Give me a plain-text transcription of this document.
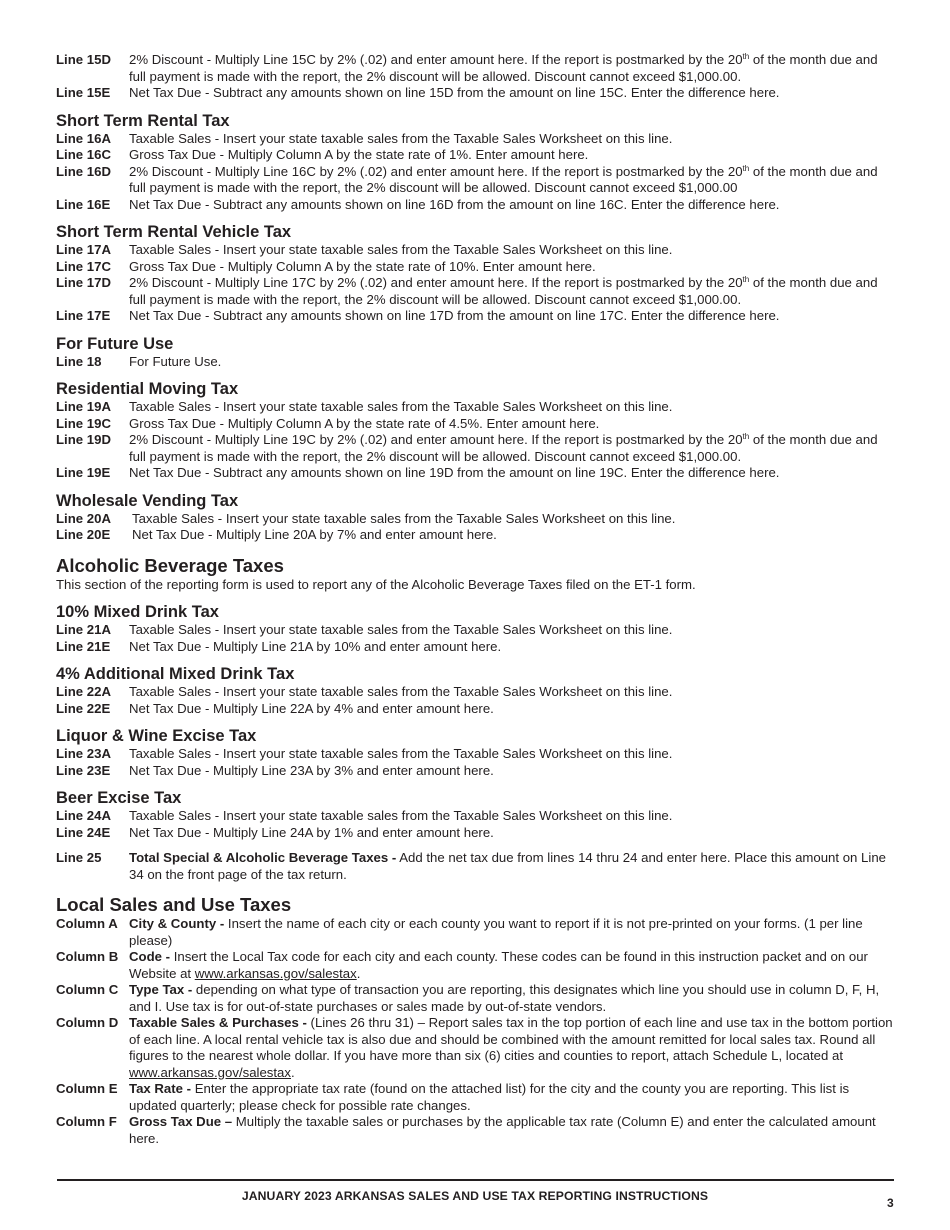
Line 15D	2% Discount - Multiply Line 15C by 2% (.02) and enter amount here. If the report is postmarked by the 20th of the month due and full payment is made with the report, the 2% discount will be allowed. Discount cannot exceed $1,000.00.
Line 15E	Net Tax Due - Subtract any amounts shown on line 15D from the amount on line 15C. Enter the difference here.
Short Term Rental Tax
Line 16A	Taxable Sales - Insert your state taxable sales from the Taxable Sales Worksheet on this line.
Line 16C	Gross Tax Due - Multiply Column A by the state rate of 1%. Enter amount here.
Line 16D	2% Discount - Multiply Line 16C by 2% (.02) and enter amount here. If the report is postmarked by the 20th of the month due and full payment is made with the report, the 2% discount will be allowed. Discount cannot exceed $1,000.00
Line 16E	Net Tax Due - Subtract any amounts shown on line 16D from the amount on line 16C. Enter the difference here.
Short Term Rental Vehicle Tax
Line 17A	Taxable Sales - Insert your state taxable sales from the Taxable Sales Worksheet on this line.
Line 17C	Gross Tax Due - Multiply Column A by the state rate of 10%. Enter amount here.
Line 17D	2% Discount - Multiply Line 17C by 2% (.02) and enter amount here. If the report is postmarked by the 20th of the month due and full payment is made with the report, the 2% discount will be allowed. Discount cannot exceed $1,000.00.
Line 17E	Net Tax Due - Subtract any amounts shown on line 17D from the amount on line 17C. Enter the difference here.
For Future Use
Line 18	For Future Use.
Residential Moving Tax
Line 19A	Taxable Sales - Insert your state taxable sales from the Taxable Sales Worksheet on this line.
Line 19C	Gross Tax Due - Multiply Column A by the state rate of 4.5%. Enter amount here.
Line 19D	2% Discount - Multiply Line 19C by 2% (.02) and enter amount here. If the report is postmarked by the 20th of the month due and full payment is made with the report, the 2% discount will be allowed. Discount cannot exceed $1,000.00.
Line 19E	Net Tax Due - Subtract any amounts shown on line 19D from the amount on line 19C. Enter the difference here.
Wholesale Vending Tax
Line 20A	Taxable Sales - Insert your state taxable sales from the Taxable Sales Worksheet on this line.
Line 20E	Net Tax Due - Multiply Line 20A by 7% and enter amount here.
Alcoholic Beverage Taxes
This section of the reporting form is used to report any of the Alcoholic Beverage Taxes filed on the ET-1 form.
10% Mixed Drink Tax
Line 21A	Taxable Sales - Insert your state taxable sales from the Taxable Sales Worksheet on this line.
Line 21E	Net Tax Due - Multiply Line 21A by 10% and enter amount here.
4% Additional Mixed Drink Tax
Line 22A	Taxable Sales - Insert your state taxable sales from the Taxable Sales Worksheet on this line.
Line 22E	Net Tax Due - Multiply Line 22A by 4% and enter amount here.
Liquor & Wine Excise Tax
Line 23A	Taxable Sales - Insert your state taxable sales from the Taxable Sales Worksheet on this line.
Line 23E	Net Tax Due - Multiply Line 23A by 3% and enter amount here.
Beer Excise Tax
Line 24A	Taxable Sales - Insert your state taxable sales from the Taxable Sales Worksheet on this line.
Line 24E	Net Tax Due - Multiply Line 24A by 1% and enter amount here.
Line 25	Total Special & Alcoholic Beverage Taxes - Add the net tax due from lines 14 thru 24 and enter here. Place this amount on Line 34 on the front page of the tax return.
Local Sales and Use Taxes
Column A City & County - Insert the name of each city or each county you want to report if it is not pre-printed on your forms. (1 per line please)
Column B Code - Insert the Local Tax code for each city and each county. These codes can be found in this instruction packet and on our Website at www.arkansas.gov/salestax.
Column C Type Tax - depending on what type of transaction you are reporting, this designates which line you should use in column D, F, H, and I. Use tax is for out-of-state purchases or sales made by out-of-state vendors.
Column D Taxable Sales & Purchases - (Lines 26 thru 31) – Report sales tax in the top portion of each line and use tax in the bottom portion of each line. A local rental vehicle tax is also due and should be combined with the amount remitted for local sales tax. Round all figures to the nearest whole dollar. If you have more than six (6) cities and counties to report, attach Schedule L, located at www.arkansas.gov/salestax.
Column E Tax Rate - Enter the appropriate tax rate (found on the attached list) for the city and the county you are reporting. This list is updated quarterly; please check for possible rate changes.
Column F Gross Tax Due – Multiply the taxable sales or purchases by the applicable tax rate (Column E) and enter the calculated amount here.
JANUARY 2023 ARKANSAS SALES AND USE TAX REPORTING INSTRUCTIONS	3
